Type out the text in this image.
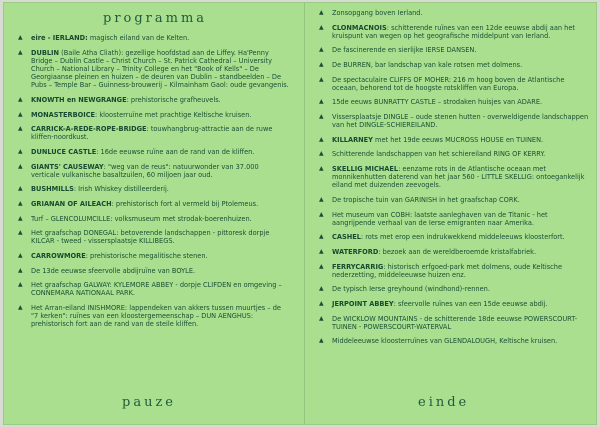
programma
▲ eire - IERLAND: magisch eiland van de Kelten.
▲ DUBLIN (Baile Atha Cliath): gezellige hoofdstad aan de Liffey. Ha'Penny Bridge – Dublin Castle – Christ Church – St. Patrick Cathedral – University Church – National Library – Trinity College en het "Book of Kells" – De Georgiaanse pleinen en huizen – de deuren van Dublin – standbeelden – De Pubs – Temple Bar – Guinness-brouwerij – Kilmainham Gaol: oude gevangenis.
▲ KNOWTH en NEWGRANGE: prehistorische grafheuvels.
▲ MONASTERBOICE: kloosterruïne met prachtige Keltische kruisen.
▲ CARRICK-A-REDE-ROPE-BRIDGE: touwhangbrug-attractie aan de ruwe kliffen-noordkust.
▲ DUNLUCE CASTLE: 16de eeuwse ruïne aan de rand van de kliffen.
▲ GIANTS' CAUSEWAY: "weg van de reus": natuurwonder van 37.000 verticale vulkanische basaltzuilen, 60 miljoen jaar oud.
▲ BUSHMILLS: Irish Whiskey distilleerderij.
▲ GRIANAN OF AILEACH: prehistorisch fort al vermeld bij Ptolemeus.
▲ Turf – GLENCOLUMCILLE: volksmuseum met strodak-boerenhuizen.
▲ Het graafschap DONEGAL: betoverende landschappen - pittoresk dorpje KILCAR - tweed - vissersplaatsje KILLIBEGS.
▲ CARROWMORE: prehistorische megalitische stenen.
▲ De 13de eeuwse sfeervolle abdijruïne van BOYLE.
▲ Het graafschap GALWAY: KYLEMORE ABBEY - dorpje CLIFDEN en omgeving – CONNEMARA NATIONAAL PARK.
▲ Het Arran-eiland INISHMORE: lappendeken van akkers tussen muurtjes – de "7 kerken": ruïnes van een kloostergemeenschap – DUN AENGHUS: prehistorisch fort aan de rand van de steile kliffen.
▲ Zonsopgang boven Ierland.
▲ CLONMACNOIS: schitterende ruïnes van een 12de eeuwse abdij aan het kruispunt van wegen op het geografische middelpunt van Ierland.
▲ De fascinerende en sierlijke IERSE DANSEN.
▲ De BURREN, bar landschap van kale rotsen met dolmens.
▲ De spectaculaire CLIFFS OF MOHER: 216 m hoog boven de Atlantische oceaan, behorend tot de hoogste rotskliffen van Europa.
▲ 15de eeuws BUNRATTY CASTLE – strodaken huisjes van ADARE.
▲ Vissersplaatsje DINGLE – oude stenen hutten - overweldigende landschappen van het DINGLE-SCHIEREILAND.
▲ KILLARNEY met het 19de eeuws MUCROSS HOUSE en TUINEN.
▲ Schitterende landschappen van het schiereiland RING OF KERRY.
▲ SKELLIG MICHAEL: eenzame rots in de Atlantische oceaan met monnikenhutten daterend van het jaar 560 - LITTLE SKELLIG: ontoegankelijk eiland met duizenden zeevogels.
▲ De tropische tuin van GARINISH in het graafschap CORK.
▲ Het museum van COBH: laatste aanleghaven van de Titanic - het aangrijpende verhaal van de Ierse emigranten naar Amerika.
▲ CASHEL: rots met erop een indrukwekkend middeleeuws kloosterfort.
▲ WATERFORD: bezoek aan de wereldberoemde kristalfabriek.
▲ FERRYCARRIG: historisch erfgoed-park met dolmens, oude Keltische nederzetting, middeleeuwse huizen enz.
▲ De typisch Ierse greyhound (windhond)-rennen.
▲ JERPOINT ABBEY: sfeervolle ruïnes van een 15de eeuwse abdij.
▲ De WICKLOW MOUNTAINS - de schitterende 18de eeuwse POWERSCOURT-TUINEN - POWERSCOURT-WATERVAL
▲ Middeleeuwse kloosterruïnes van GLENDALOUGH, Keltische kruisen.
pauze	einde
